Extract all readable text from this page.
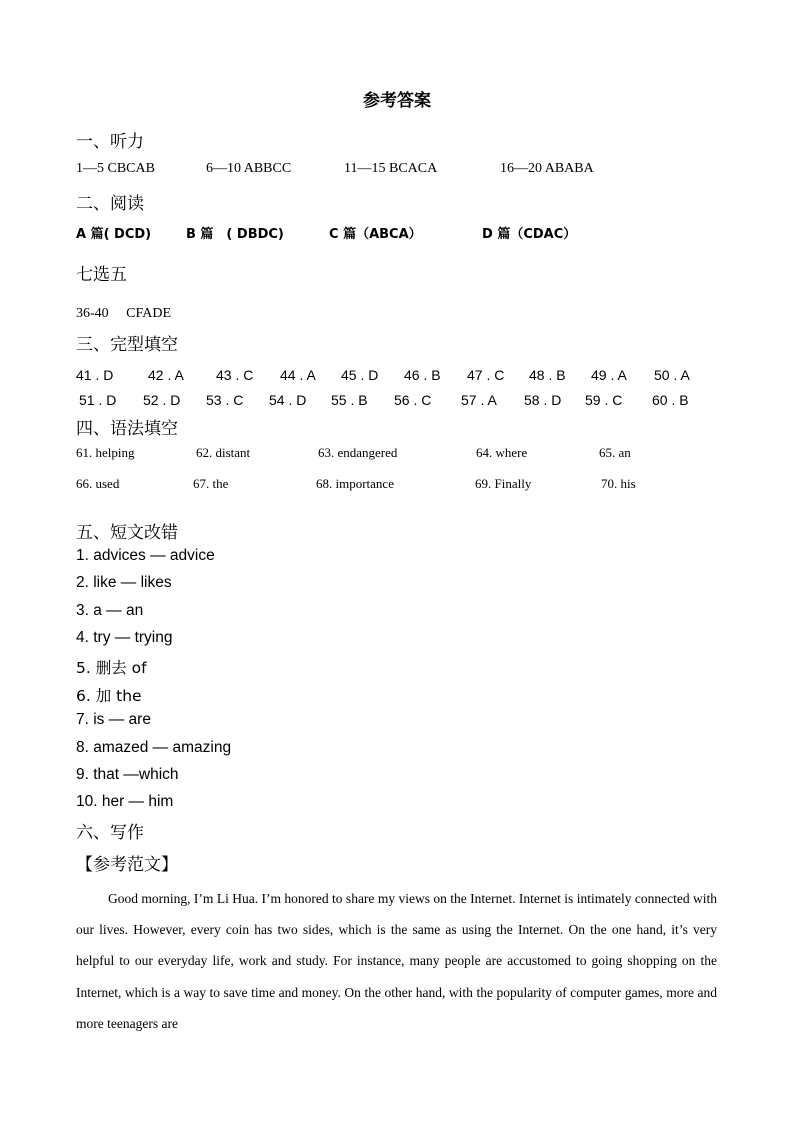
参考答案
一、听力
1—5 CBCAB	6—10 ABBCC	11—15 BCACA	16—20 ABABA
二、阅读
A 篇( DCD)	B 篇　( DBDC)	C 篇（ABCA）	D 篇（CDAC）
七选五
36-40　 CFADE
三、完型填空
41 . D 42 . A 43 . C 44 . A 45 . D 46 . B 47 . C 48 . B 49 . A 50 . A
51 . D 52 . D 53 . C 54 . D 55 . B 56 . C 57 . A 58 . D 59 . C 60 . B
四、语法填空
61. helping	62. distant	63. endangered	64. where	65. an
66. used	67. the	68. importance	69. Finally	70. his
五、短文改错
1. advices — advice
2. like — likes
3. a — an
4. try — trying
5. 删去 of
6. 加 the
7. is — are
8. amazed — amazing
9. that —which
10. her — him
六、写作
【参考范文】
Good morning, I’m Li Hua. I’m honored to share my views on the Internet. Internet is intimately connected with our lives. However, every coin has two sides, which is the same as using the Internet. On the one hand, it’s very helpful to our everyday life, work and study. For instance, many people are accustomed to going shopping on the Internet, which is a way to save time and money. On the other hand, with the popularity of computer games, more and more teenagers are
